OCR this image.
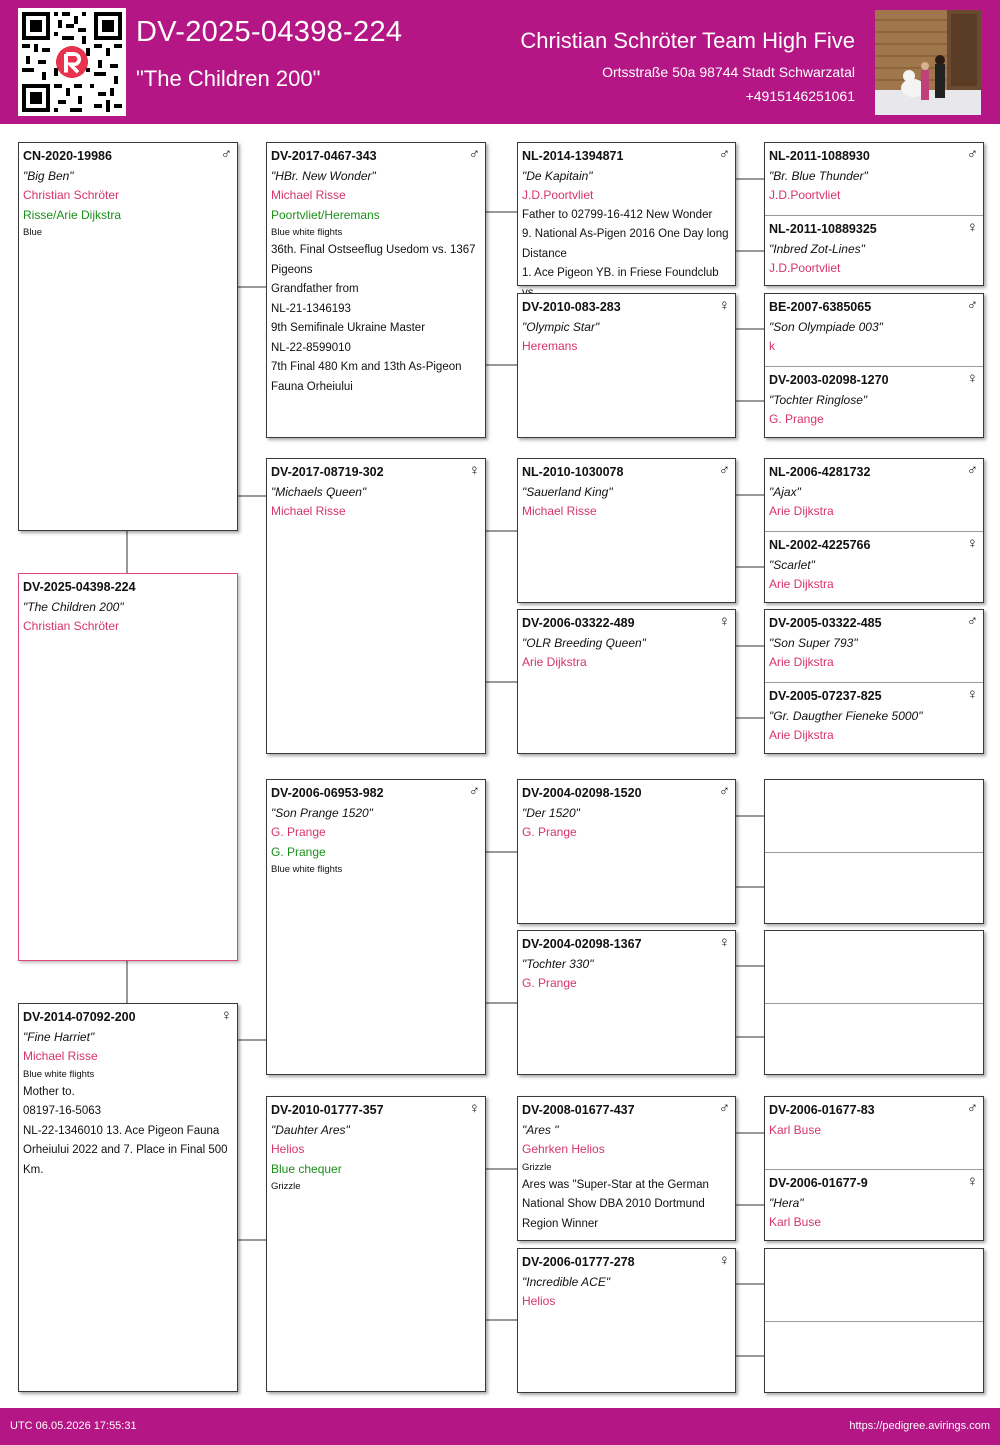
DV-2025-04398-224
"The Children 200"
Christian Schröter Team High Five
Ortsstraße 50a 98744 Stadt Schwarzatal
+4915146251061
♂
CN-2020-19986
"Big Ben"
Christian Schröter
Risse/Arie Dijkstra
Blue
DV-2025-04398-224
"The Children 200"
Christian Schröter
♀
DV-2014-07092-200
"Fine Harriet"
Michael Risse
Blue white flights
Mother to.
08197-16-5063
NL-22-1346010 13. Ace Pigeon Fauna Orheiului 2022 and 7. Place in Final 500 Km.
♂
DV-2017-0467-343
"HBr. New Wonder"
Michael Risse
Poortvliet/Heremans
Blue white flights
36th. Final Ostseeflug Usedom vs. 1367 Pigeons
Grandfather from
NL-21-1346193
9th Semifinale Ukraine Master
NL-22-8599010
7th Final 480 Km and 13th As-Pigeon Fauna Orheiului
♀
DV-2017-08719-302
"Michaels Queen"
Michael Risse
♂
DV-2006-06953-982
"Son Prange 1520"
G. Prange
G. Prange
Blue white flights
♀
DV-2010-01777-357
"Dauhter Ares"
Helios
Blue chequer
Grizzle
♂
NL-2014-1394871
"De Kapitain"
J.D.Poortvliet
Father to 02799-16-412 New Wonder
9. National As-Pigen 2016 One Day long Distance
1. Ace Pigeon YB. in Friese Foundclub
♀
DV-2010-083-283
"Olympic Star"
Heremans
♂
NL-2010-1030078
"Sauerland King"
Michael Risse
♀
DV-2006-03322-489
"OLR Breeding Queen"
Arie Dijkstra
♂
DV-2004-02098-1520
"Der 1520"
G. Prange
♀
DV-2004-02098-1367
"Tochter 330"
G. Prange
♂
DV-2008-01677-437
"Ares "
Gehrken Helios
Grizzle
Ares was "Super-Star at the German National Show DBA 2010 Dortmund
Region Winner
♀
DV-2006-01777-278
"Incredible ACE"
Helios
♂
NL-2011-1088930
"Br. Blue Thunder"
J.D.Poortvliet
♀
NL-2011-10889325
"Inbred Zot-Lines"
J.D.Poortvliet
♂
BE-2007-6385065
"Son Olympiade 003"
k
♀
DV-2003-02098-1270
"Tochter Ringlose"
G. Prange
♂
NL-2006-4281732
"Ajax"
Arie Dijkstra
♀
NL-2002-4225766
"Scarlet"
Arie Dijkstra
♂
DV-2005-03322-485
"Son Super 793"
Arie Dijkstra
♀
DV-2005-07237-825
"Gr. Daugther Fieneke 5000"
Arie Dijkstra
♂
DV-2006-01677-83
Karl Buse
♀
DV-2006-01677-9
"Hera"
Karl Buse
UTC 06.05.2026 17:55:31	https://pedigree.avirings.com
